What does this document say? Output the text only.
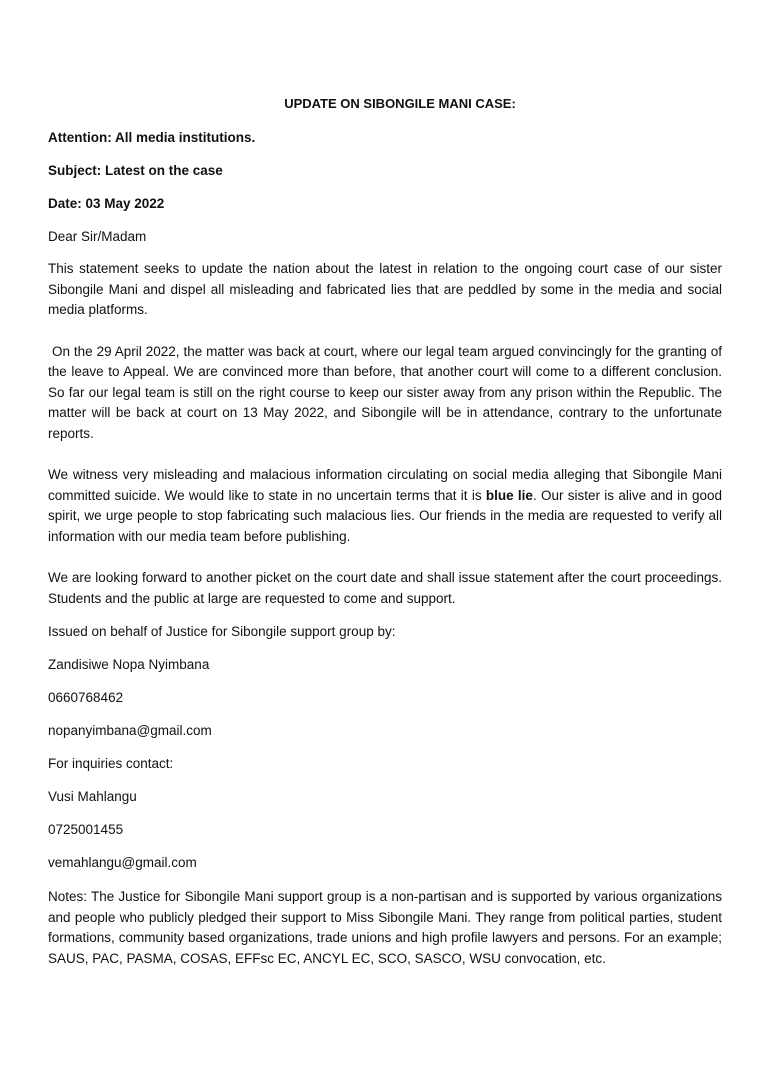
UPDATE ON SIBONGILE MANI CASE:
Attention: All media institutions.
Subject: Latest on the case
Date: 03 May 2022
Dear Sir/Madam

This statement seeks to update the nation about the latest in relation to the ongoing court case of our sister Sibongile Mani and dispel all misleading and fabricated lies that are peddled by some in the media and social media platforms.

On the 29 April 2022, the matter was back at court, where our legal team argued convincingly for the granting of the leave to Appeal. We are convinced more than before, that another court will come to a different conclusion. So far our legal team is still on the right course to keep our sister away from any prison within the Republic. The matter will be back at court on 13 May 2022, and Sibongile will be in attendance, contrary to the unfortunate reports.

We witness very misleading and malacious information circulating on social media alleging that Sibongile Mani committed suicide. We would like to state in no uncertain terms that it is blue lie. Our sister is alive and in good spirit, we urge people to stop fabricating such malacious lies. Our friends in the media are requested to verify all information with our media team before publishing.

We are looking forward to another picket on the court date and shall issue statement after the court proceedings. Students and the public at large are requested to come and support.

Issued on behalf of Justice for Sibongile support group by:
Zandisiwe Nopa Nyimbana
0660768462
nopanyimbana@gmail.com
For inquiries contact:
Vusi Mahlangu
0725001455
vemahlangu@gmail.com

Notes: The Justice for Sibongile Mani support group is a non-partisan and is supported by various organizations and people who publicly pledged their support to Miss Sibongile Mani. They range from political parties, student formations, community based organizations, trade unions and high profile lawyers and persons. For an example; SAUS, PAC, PASMA, COSAS, EFFsc EC, ANCYL EC, SCO, SASCO, WSU convocation, etc.
